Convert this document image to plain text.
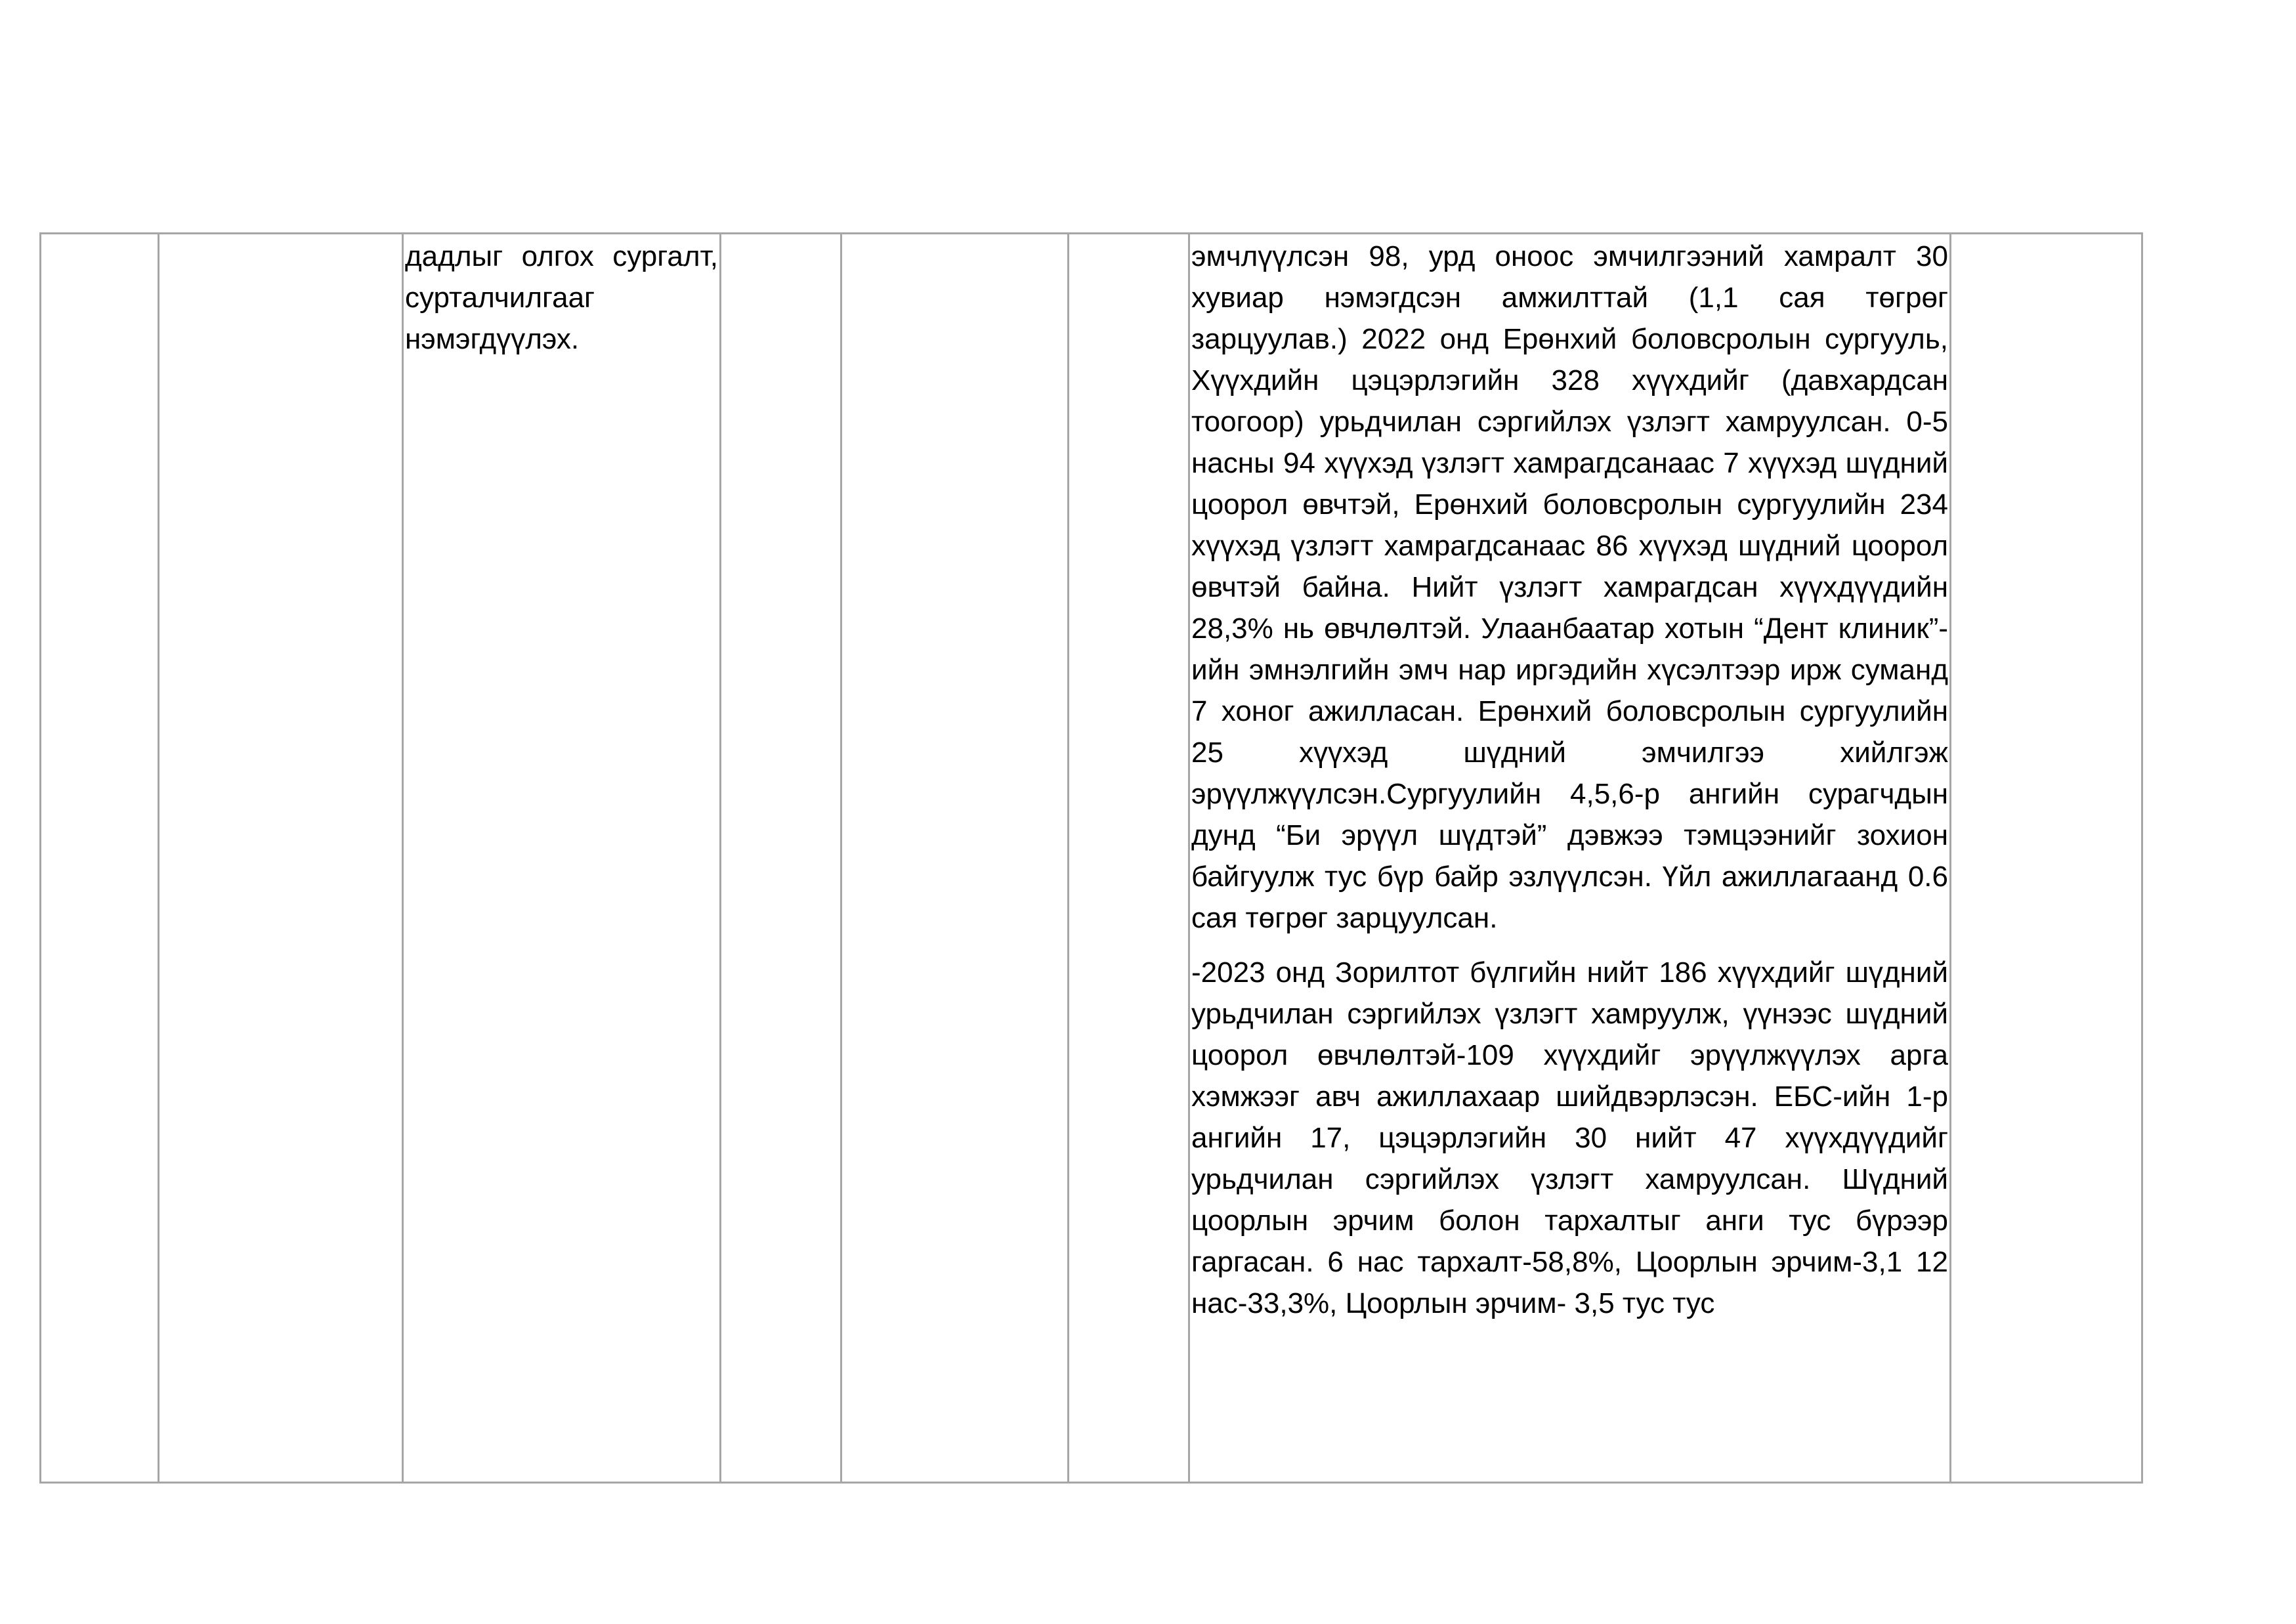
дадлыг олгох сургалт, сурталчилгааг нэмэгдүүлэх.

эмчлүүлсэн 98, урд оноос эмчилгээний хамралт 30 хувиар нэмэгдсэн амжилттай (1,1 сая төгрөг зарцуулав.) 2022 онд Ерөнхий боловсролын сургууль, Хүүхдийн цэцэрлэгийн 328 хүүхдийг (давхардсан тоогоор) урьдчилан сэргийлэх үзлэгт хамруулсан. 0-5 насны 94 хүүхэд үзлэгт хамрагдсанаас 7 хүүхэд шүдний цоорол өвчтэй, Ерөнхий боловсролын сургуулийн 234 хүүхэд үзлэгт хамрагдсанаас 86 хүүхэд шүдний цоорол өвчтэй байна. Нийт үзлэгт хамрагдсан хүүхдүүдийн 28,3% нь өвчлөлтэй. Улаанбаатар хотын “Дент клиник”-ийн эмнэлгийн эмч нар иргэдийн хүсэлтээр ирж суманд 7 хоног ажилласан. Ерөнхий боловсролын сургуулийн 25 хүүхэд шүдний эмчилгээ хийлгэж эрүүлжүүлсэн.Сургуулийн 4,5,6-р ангийн сурагчдын дунд “Би эрүүл шүдтэй” дэвжээ тэмцээнийг зохион байгуулж тус бүр байр эзлүүлсэн. Үйл ажиллагаанд 0.6 сая төгрөг зарцуулсан.

-2023 онд Зорилтот бүлгийн нийт 186 хүүхдийг шүдний урьдчилан сэргийлэх үзлэгт хамруулж, үүнээс шүдний цоорол өвчлөлтэй-109 хүүхдийг эрүүлжүүлэх арга хэмжээг авч ажиллахаар шийдвэрлэсэн. ЕБС-ийн 1-р ангийн 17, цэцэрлэгийн 30 нийт 47 хүүхдүүдийг урьдчилан сэргийлэх үзлэгт хамруулсан. Шүдний цоорлын эрчим болон тархалтыг анги тус бүрээр гаргасан. 6 нас тархалт-58,8%, Цоорлын эрчим-3,1 12 нас-33,3%, Цоорлын эрчим- 3,5 тус тус
